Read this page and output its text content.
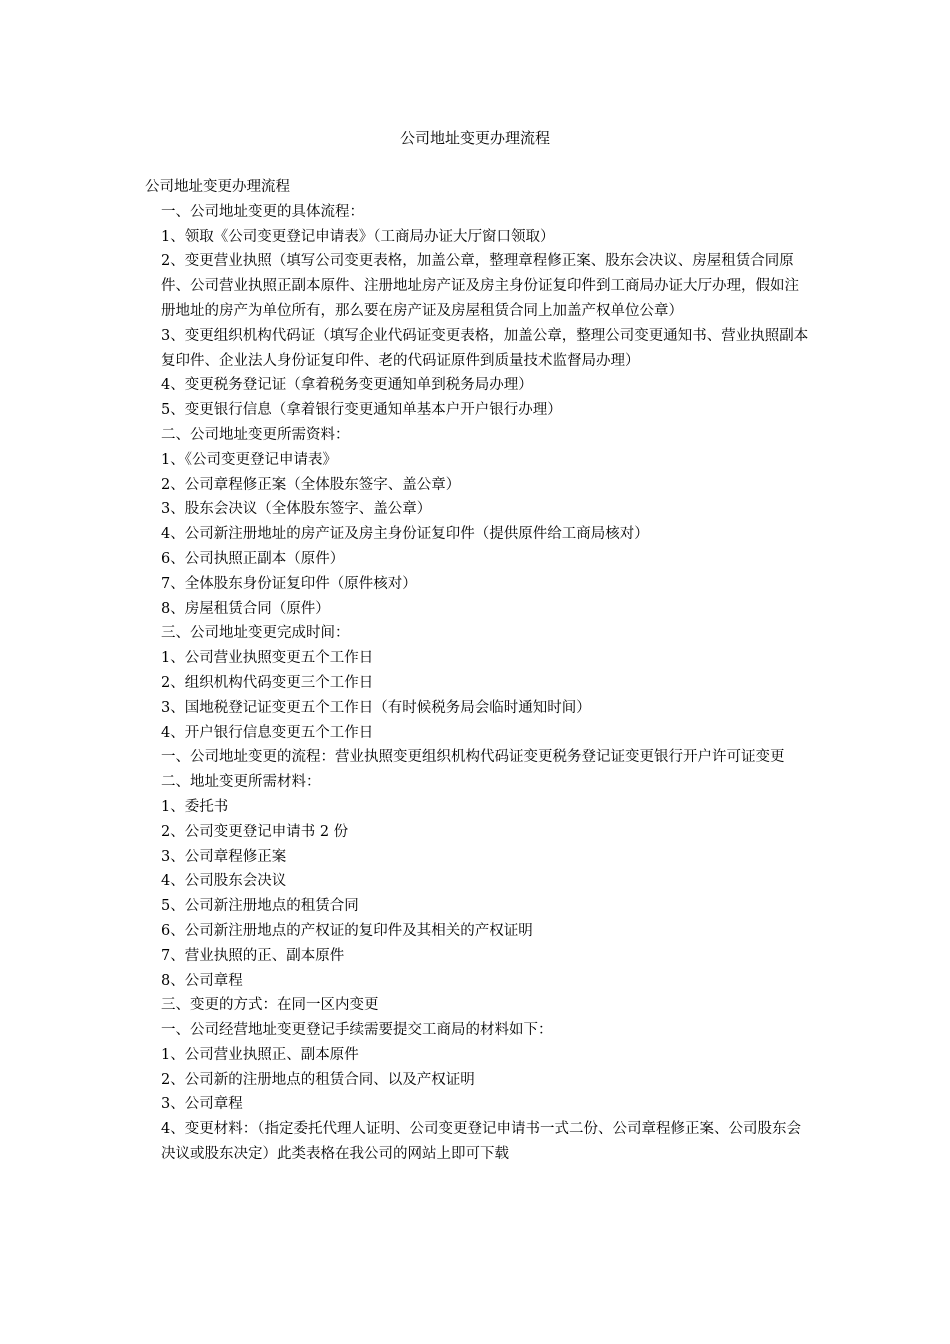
公司地址变更办理流程

公司地址变更办理流程

一、公司地址变更的具体流程：

1、领取《公司变更登记申请表》（工商局办证大厅窗口领取）

2、变更营业执照（填写公司变更表格，加盖公章，整理章程修正案、股东会决议、房屋租赁合同原件、公司营业执照正副本原件、注册地址房产证及房主身份证复印件到工商局办证大厅办理，假如注册地址的房产为单位所有，那么要在房产证及房屋租赁合同上加盖产权单位公章）

3、变更组织机构代码证（填写企业代码证变更表格，加盖公章，整理公司变更通知书、营业执照副本复印件、企业法人身份证复印件、老的代码证原件到质量技术监督局办理）

4、变更税务登记证（拿着税务变更通知单到税务局办理）

5、变更银行信息（拿着银行变更通知单基本户开户银行办理）

二、公司地址变更所需资料：

1、《公司变更登记申请表》

2、公司章程修正案（全体股东签字、盖公章）

3、股东会决议（全体股东签字、盖公章）

4、公司新注册地址的房产证及房主身份证复印件（提供原件给工商局核对）

6、公司执照正副本（原件）

7、全体股东身份证复印件（原件核对）

8、房屋租赁合同（原件）

三、公司地址变更完成时间：

1、公司营业执照变更五个工作日

2、组织机构代码变更三个工作日

3、国地税登记证变更五个工作日（有时候税务局会临时通知时间）

4、开户银行信息变更五个工作日

一、公司地址变更的流程：营业执照变更组织机构代码证变更税务登记证变更银行开户许可证变更

二、地址变更所需材料：

1、委托书

2、公司变更登记申请书 2 份

3、公司章程修正案

4、公司股东会决议

5、公司新注册地点的租赁合同

6、公司新注册地点的产权证的复印件及其相关的产权证明

7、营业执照的正、副本原件

8、公司章程

三、变更的方式：在同一区内变更

一、公司经营地址变更登记手续需要提交工商局的材料如下：

1、公司营业执照正、副本原件

2、公司新的注册地点的租赁合同、以及产权证明

3、公司章程

4、变更材料：（指定委托代理人证明、公司变更登记申请书一式二份、公司章程修正案、公司股东会决议或股东决定）此类表格在我公司的网站上即可下载
